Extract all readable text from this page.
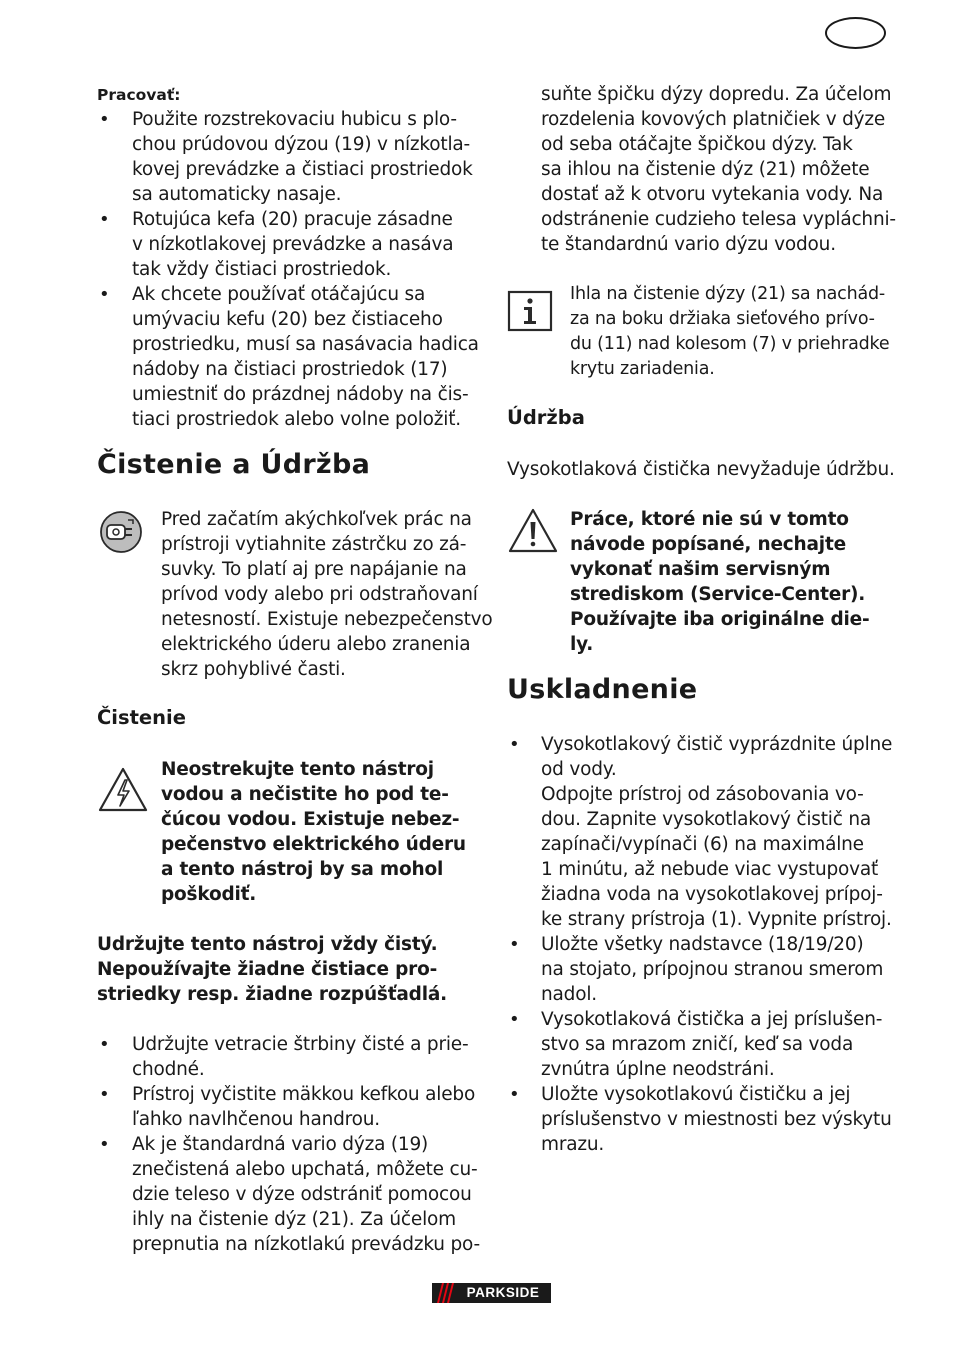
Pracovať:
• Použite rozstrekovaciu hubicu s plo-
chou prúdovou dýzou (19) v nízkotla-
kovej prevádzke a čistiaci prostriedok
sa automaticky nasaje.
• Rotujúca kefa (20) pracuje zásadne
v nízkotlakovej prevádzke a nasáva
tak vždy čistiaci prostriedok.
• Ak chcete používať otáčajúcu sa
umývaciu kefu (20) bez čistiaceho
prostriedku, musí sa nasávacia hadica
nádoby na čistiaci prostriedok (17)
umiestniť do prázdnej nádoby na čis-
tiaci prostriedok alebo volne položiť.
Čistenie a Údržba
Pred začatím akýchkoľvek prác na
prístroji vytiahnite zástrčku zo zá-
suvky. To platí aj pre napájanie na
prívod vody alebo pri odstraňovaní
netesností. Existuje nebezpečenstvo
elektrického úderu alebo zranenia
skrz pohyblivé časti.
Čistenie
Neostrekujte tento nástroj
vodou a nečistite ho pod te-
čúcou vodou. Existuje nebez-
pečenstvo elektrického úderu
a tento nástroj by sa mohol
poškodiť.
Udržujte tento nástroj vždy čistý.
Nepoužívajte žiadne čistiace pro-
striedky resp. žiadne rozpúšťadlá.
• Udržujte vetracie štrbiny čisté a prie-
chodné.
• Prístroj vyčistite mäkkou kefkou alebo
ľahko navlhčenou handrou.
• Ak je štandardná vario dýza (19)
znečistená alebo upchatá, môžete cu-
dzie teleso v dýze odstrániť pomocou
ihly na čistenie dýz (21). Za účelom
prepnutia na nízkotlakú prevádzku po-
suňte špičku dýzy dopredu. Za účelom
rozdelenia kovových platničiek v dýze
od seba otáčajte špičkou dýzy. Tak
sa ihlou na čistenie dýz (21) môžete
dostať až k otvoru vytekania vody. Na
odstránenie cudzieho telesa vypláchni-
te štandardnú vario dýzu vodou.
Ihla na čistenie dýzy (21) sa nachád-
za na boku držiaka sieťového prívo-
du (11) nad kolesom (7) v priehradke
krytu zariadenia.
Údržba
Vysokotlaková čistička nevyžaduje údržbu.
Práce, ktoré nie sú v tomto
návode popísané, nechajte
vykonať našim servisným
strediskom (Service-Center).
Používajte iba originálne die-
ly.
Uskladnenie
• Vysokotlakový čistič vyprázdnite úplne
od vody.
Odpojte prístroj od zásobovania vo-
dou. Zapnite vysokotlakový čistič na
zapínači/vypínači (6) na maximálne
1 minútu, až nebude viac vystupovať
žiadna voda na vysokotlakovej prípoj-
ke strany prístroja (1). Vypnite prístroj.
• Uložte všetky nadstavce (18/19/20)
na stojato, prípojnou stranou smerom
nadol.
• Vysokotlaková čistička a jej príslušen-
stvo sa mrazom zničí, keď sa voda
zvnútra úplne neodstráni.
• Uložte vysokotlakovú čističku a jej
príslušenstvo v miestnosti bez výskytu
mrazu.
PARKSIDE
